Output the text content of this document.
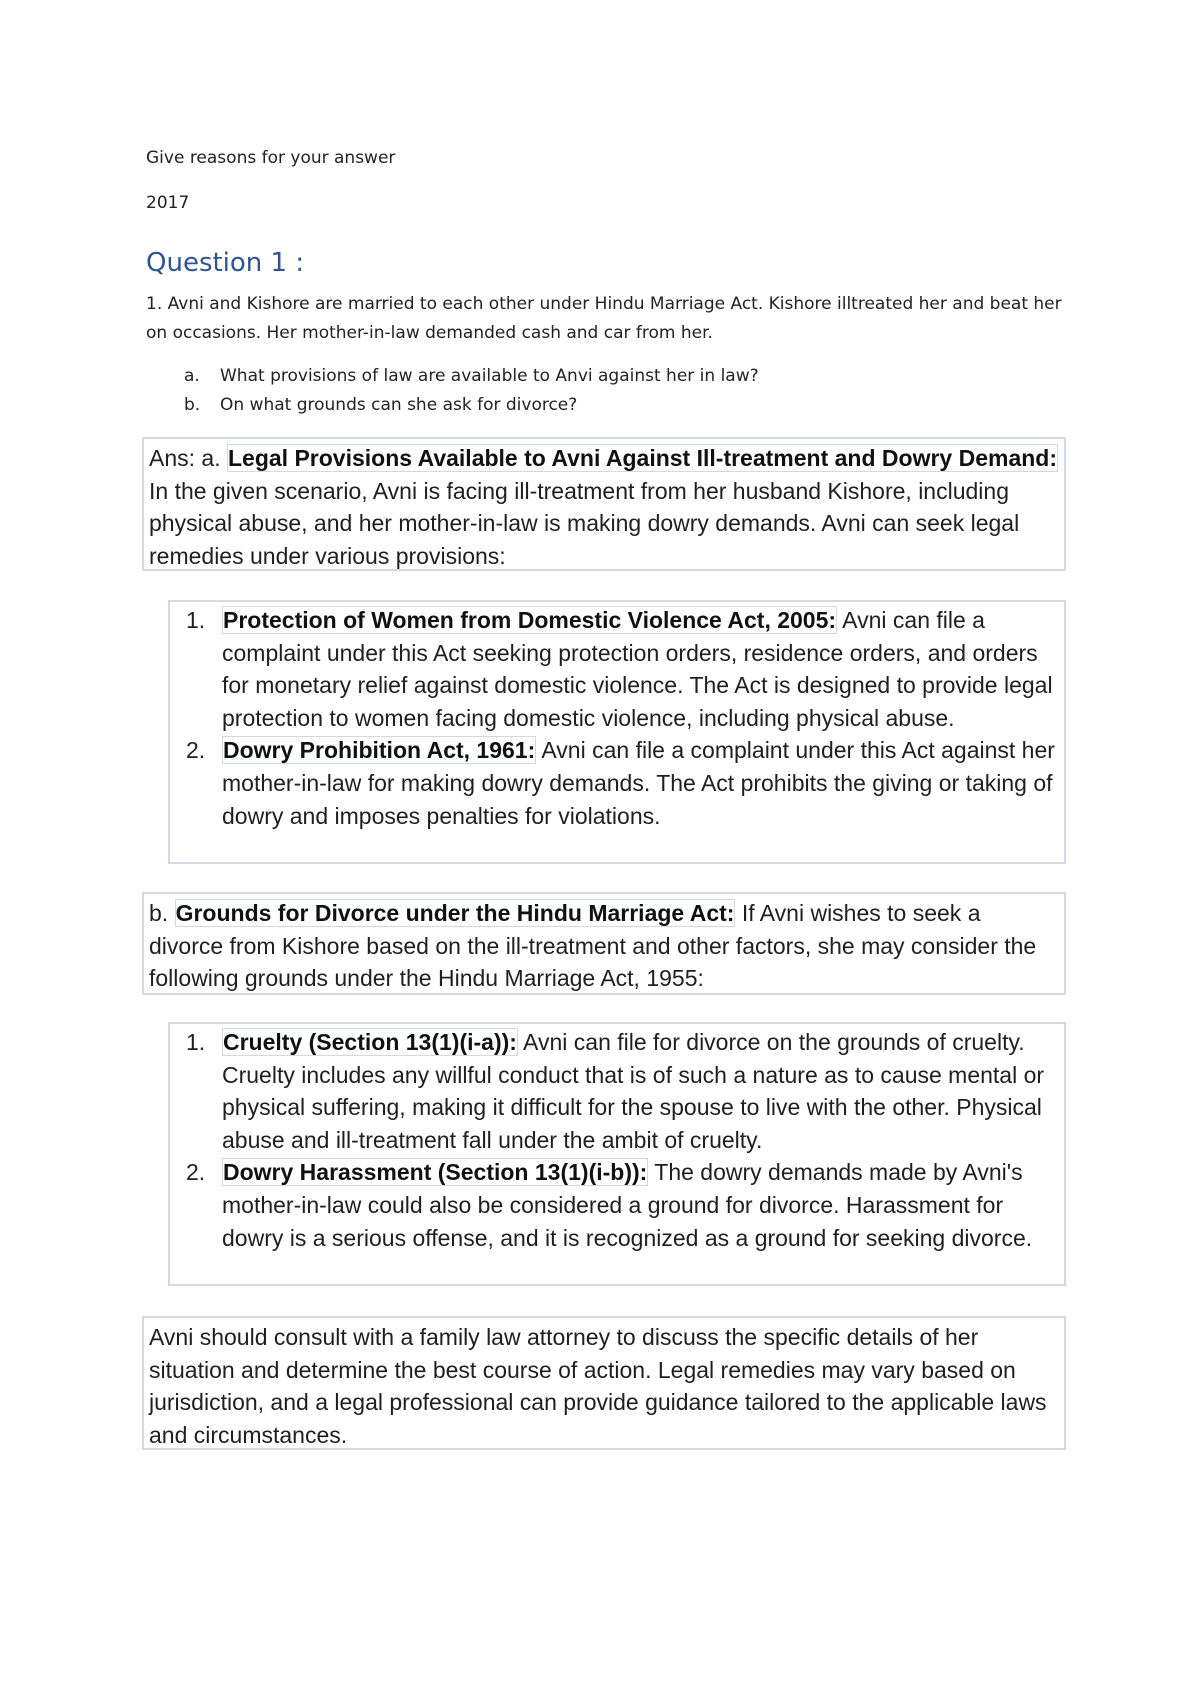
Give reasons for your answer
2017
Question 1 :
1. Avni and Kishore are married to each other under Hindu Marriage Act. Kishore illtreated her and beat her on occasions. Her mother-in-law demanded cash and car from her.
a. What provisions of law are available to Anvi against her in law?
b. On what grounds can she ask for divorce?
Ans: a. Legal Provisions Available to Avni Against Ill-treatment and Dowry Demand: In the given scenario, Avni is facing ill-treatment from her husband Kishore, including physical abuse, and her mother-in-law is making dowry demands. Avni can seek legal remedies under various provisions:
1. Protection of Women from Domestic Violence Act, 2005: Avni can file a complaint under this Act seeking protection orders, residence orders, and orders for monetary relief against domestic violence. The Act is designed to provide legal protection to women facing domestic violence, including physical abuse.
2. Dowry Prohibition Act, 1961: Avni can file a complaint under this Act against her mother-in-law for making dowry demands. The Act prohibits the giving or taking of dowry and imposes penalties for violations.
b. Grounds for Divorce under the Hindu Marriage Act: If Avni wishes to seek a divorce from Kishore based on the ill-treatment and other factors, she may consider the following grounds under the Hindu Marriage Act, 1955:
1. Cruelty (Section 13(1)(i-a)): Avni can file for divorce on the grounds of cruelty. Cruelty includes any willful conduct that is of such a nature as to cause mental or physical suffering, making it difficult for the spouse to live with the other. Physical abuse and ill-treatment fall under the ambit of cruelty.
2. Dowry Harassment (Section 13(1)(i-b)): The dowry demands made by Avni's mother-in-law could also be considered a ground for divorce. Harassment for dowry is a serious offense, and it is recognized as a ground for seeking divorce.
Avni should consult with a family law attorney to discuss the specific details of her situation and determine the best course of action. Legal remedies may vary based on jurisdiction, and a legal professional can provide guidance tailored to the applicable laws and circumstances.
